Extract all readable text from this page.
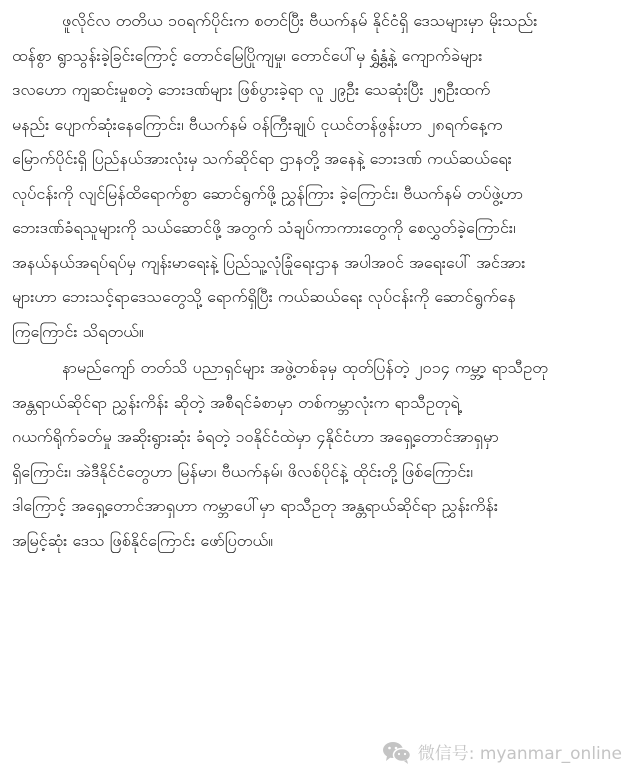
ဖူလိုင်လ တတိယ ၁၀ရက်ပိုင်းက စတင်ပြီး ဗီယက်နမ် နိုင်ငံရှိ ဒေသများမှာ မိုးသည်း
ထန်စွာ ရွာသွန်းခဲ့ခြင်းကြောင့် တောင်မြေပြိုကျမှု၊ တောင်ပေါ်မှ ရွှံ့နွံ့နဲ့ ကျောက်ခဲများ
ဒလဟော ကျဆင်းမှုစတဲ့ ဘေးဒဏ်များ ဖြစ်ပွားခဲ့ရာ လူ ၂၉ဦး သေဆုံးပြီး ၂၅ဦးထက်
မနည်း ပျောက်ဆုံးနေကြောင်း၊ ဗီယက်နမ် ဝန်ကြီးချုပ် ငုယင်တန်ဖွန်းဟာ ၂၈ရက်နေ့က
မြောက်ပိုင်းရှိ ပြည်နယ်အားလုံးမှ သက်ဆိုင်ရာ ဌာနတို့ အနေနဲ့ ဘေးဒဏ် ကယ်ဆယ်ရေး
လုပ်ငန်းကို လျင်မြန်ထိရောက်စွာ ဆောင်ရွက်ဖို့ ညွှန်ကြား ခဲ့ကြောင်း၊ ဗီယက်နမ် တပ်ဖွဲ့ဟာ
ဘေးဒဏ်ခံရသူများကို သယ်ဆောင်ဖို့ အတွက် သံချပ်ကာကားတွေကို စေလွှတ်ခဲ့ကြောင်း၊
အနယ်နယ်အရပ်ရပ်မှ ကျန်းမာရေးနဲ့ ပြည်သူ့လုံခြုံရေးဌာန အပါအဝင် အရေးပေါ် အင်အား
များဟာ ဘေးသင့်ရာဒေသတွေသို့ ရောက်ရှိပြီး ကယ်ဆယ်ရေး လုပ်ငန်းကို ဆောင်ရွက်နေ
ကြကြောင်း သိရတယ်။

နာမည်ကျော် တတ်သိ ပညာရှင်များ အဖွဲ့တစ်ခုမှ ထုတ်ပြန်တဲ့ ၂၀၁၄ ကမ္ဘာ့ ရာသီဥတု
အန္တရာယ်ဆိုင်ရာ ညွှန်းကိန်း ဆိုတဲ့ အစီရင်ခံစာမှာ တစ်ကမ္ဘာလုံးက ရာသီဥတုရဲ့
ဂယက်ရိုက်ခတ်မှု အဆိုးရွားဆုံး ခံရတဲ့ ၁၀နိုင်ငံထဲမှာ ၄နိုင်ငံဟာ အရှေ့တောင်အာရှမှာ
ရှိကြောင်း၊ အဲဒီနိုင်ငံတွေဟာ မြန်မာ၊ ဗီယက်နမ်၊ ဖိလစ်ပိုင်နဲ့ ထိုင်းတို့ ဖြစ်ကြောင်း၊
ဒါကြောင့် အရှေ့တောင်အာရှဟာ ကမ္ဘာပေါ်မှာ ရာသီဥတု အန္တရာယ်ဆိုင်ရာ ညွှန်းကိန်း
အမြင့်ဆုံး ဒေသ ဖြစ်နိုင်ကြောင်း ဖော်ပြတယ်။

微信号: myanmar_online
